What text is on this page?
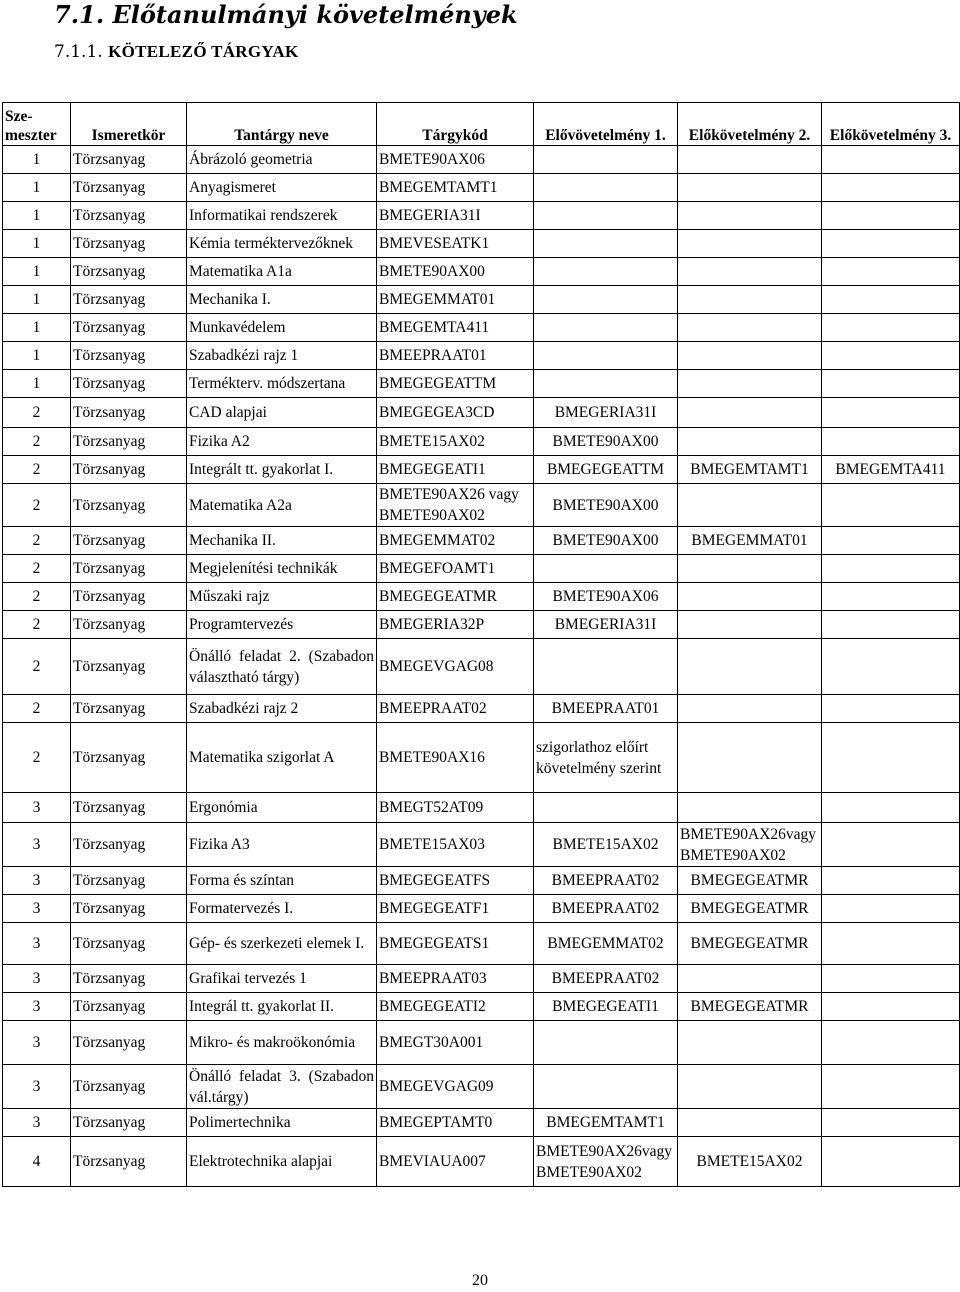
7.1. Előtanulmányi követelmények
7.1.1. KÖTELEZŐ TÁRGYAK
Sze-
meszter	Ismeretkör	Tantárgy neve	Tárgykód	Elővövetelmény 1.	Előkövetelmény 2.	Előkövetelmény 3.
1	Törzsanyag	Ábrázoló geometria	BMETE90AX06			
1	Törzsanyag	Anyagismeret	BMEGEMTAMT1			
1	Törzsanyag	Informatikai rendszerek	BMEGERIA31I			
1	Törzsanyag	Kémia terméktervezőknek	BMEVESEATK1			
1	Törzsanyag	Matematika A1a	BMETE90AX00			
1	Törzsanyag	Mechanika I.	BMEGEMMAT01			
1	Törzsanyag	Munkavédelem	BMEGEMTA411			
1	Törzsanyag	Szabadkézi rajz 1	BMEEPRAAT01			
1	Törzsanyag	Termékterv. módszertana	BMEGEGEATTM			
2	Törzsanyag	CAD alapjai	BMEGEGEA3CD	BMEGERIA31I		
2	Törzsanyag	Fizika A2	BMETE15AX02	BMETE90AX00		
2	Törzsanyag	Integrált tt. gyakorlat I.	BMEGEGEATI1	BMEGEGEATTM	BMEGEMTAMT1	BMEGEMTA411
2	Törzsanyag	Matematika A2a	BMETE90AX26 vagy BMETE90AX02	BMETE90AX00		
2	Törzsanyag	Mechanika II.	BMEGEMMAT02	BMETE90AX00	BMEGEMMAT01	
2	Törzsanyag	Megjelenítési technikák	BMEGEFOAMT1			
2	Törzsanyag	Műszaki rajz	BMEGEGEATMR	BMETE90AX06		
2	Törzsanyag	Programtervezés	BMEGERIA32P	BMEGERIA31I		
2	Törzsanyag	Önálló feladat 2. (Szabadon választható tárgy)	BMEGEVGAG08			
2	Törzsanyag	Szabadkézi rajz 2	BMEEPRAAT02	BMEEPRAAT01		
2	Törzsanyag	Matematika szigorlat A	BMETE90AX16	szigorlathoz előírt követelmény szerint		
3	Törzsanyag	Ergonómia	BMEGT52AT09			
3	Törzsanyag	Fizika A3	BMETE15AX03	BMETE15AX02	BMETE90AX26vagy BMETE90AX02	
3	Törzsanyag	Forma és színtan	BMEGEGEATFS	BMEEPRAAT02	BMEGEGEATMR	
3	Törzsanyag	Formatervezés I.	BMEGEGEATF1	BMEEPRAAT02	BMEGEGEATMR	
3	Törzsanyag	Gép- és szerkezeti elemek I.	BMEGEGEATS1	BMEGEMMAT02	BMEGEGEATMR	
3	Törzsanyag	Grafikai tervezés 1	BMEEPRAAT03	BMEEPRAAT02		
3	Törzsanyag	Integrál tt. gyakorlat II.	BMEGEGEATI2	BMEGEGEATI1	BMEGEGEATMR	
3	Törzsanyag	Mikro- és makroökonómia	BMEGT30A001			
3	Törzsanyag	Önálló feladat 3. (Szabadon vál.tárgy)	BMEGEVGAG09			
3	Törzsanyag	Polimertechnika	BMEGEPTAMT0	BMEGEMTAMT1		
4	Törzsanyag	Elektrotechnika alapjai	BMEVIAUA007	BMETE90AX26vagy BMETE90AX02	BMETE15AX02	
20
